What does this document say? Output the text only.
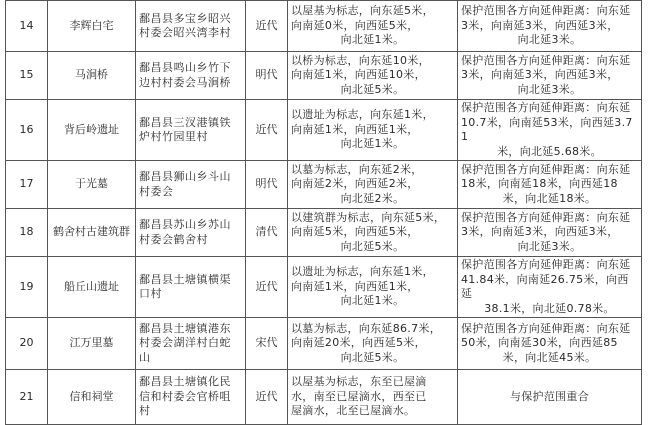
14	李辉白宅	鄱昌县多宝乡昭兴村委会昭兴湾李村	近代	以屋基为标志，向东延5米，
向南延0米，向西延5米，
向北延1米。	保护范围各方向延伸距离：向东延
3米，向南延3米，向西延3米，
向北延3米。

15	马涧桥	鄱昌县鸣山乡竹下边村村委会马涧桥	明代	以桥为标志，向东延10米，
向南延1米，向西延10米，
向北延5米。	保护范围各方向延伸距离：向东延
3米，向南延3米，向西延3米，
向北延3米。

16	背后岭遗址	鄱昌县三汊港镇铁炉村竹园里村	近代	以遗址为标志，向东延1米，
向南延1米，向西延1米，
向北延1米。	保护范围各方向延伸距离：向东延
10.7米，向南延53米，向西延3.71
米，向北延5.68米。

17	于光墓	鄱昌县狮山乡斗山村委会	明代	以墓为标志，向东延2米，
向南延2米，向西延2米，
向北延2米。	保护范围各方向延伸距离：向东延
18米，向南延18米，向西延18
米，向北延18米。

18	鹤舍村古建筑群	鄱昌县苏山乡苏山村委会鹤舍村	清代	以建筑群为标志，向东延5米，
向南延5米，向西延5米，
向北延5米。	保护范围各方向延伸距离：向东延
3米，向南延3米，向西延3米，
向北延3米。

19	船丘山遗址	鄱昌县土塘镇横渠口村	近代	以遗址为标志，向东延1米，
向南延1米，向西延1米，
向北延1米。	保护范围各方向延伸距离：向东延
41.84米，向南延26.75米，向西延
38.1米，向北延0.78米。

20	江万里墓	鄱昌县土塘镇港东村委会湖洋村白蛇山	宋代	以墓为标志，向东延86.7米，
向南延20米，向西延5米，
向北延5米。	保护范围各方向延伸距离：向东延
50米，向南延30米，向西延85
米，向北延45米。

21	信和祠堂	鄱昌县土塘镇化民信和村委会官桥咀村	近代	以屋基为标志，东至已屋滴
水，南至已屋滴水，西至已
屋滴水，北至已屋滴水。	与保护范围重合
